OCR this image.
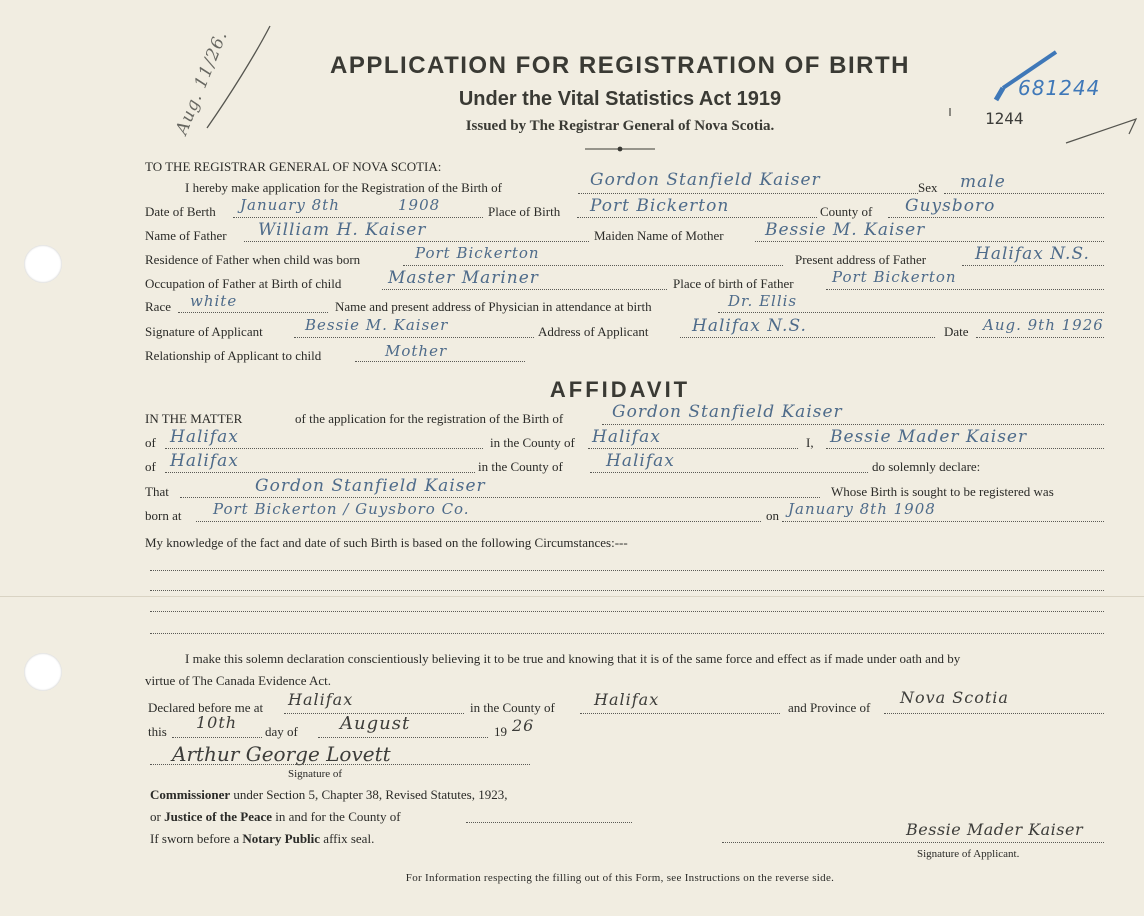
Aug. 11/26.	681244
1244
APPLICATION FOR REGISTRATION OF BIRTH
Under the Vital Statistics Act 1919
Issued by The Registrar General of Nova Scotia.
TO THE REGISTRAR GENERAL OF NOVA SCOTIA:
I hereby make application for the Registration of the Birth of	Gordon Stanfield Kaiser	Sex male
Date of Berth January 8th	1908	Place of Birth Port Bickerton	County of Guysboro
Name of Father William H. Kaiser	Maiden Name of Mother Bessie M. Kaiser
Residence of Father when child was born	Port Bickerton	Present address of Father	Halifax N.S.
Occupation of Father at Birth of child	Master Mariner	Place of birth of Father	Port Bickerton
Race white	Name and present address of Physician in attendance at birth	Dr. Ellis
Signature of Applicant	Bessie M. Kaiser	Address of Applicant	Halifax N.S.	Date Aug. 9th 1926
Relationship of Applicant to child	Mother
AFFIDAVIT
IN THE MATTER	of the application for the registration of the Birth of	Gordon Stanfield Kaiser
of Halifax	in the County of Halifax	I, Bessie Mader Kaiser
of Halifax	in the County of	Halifax	do solemnly declare:
That	Gordon Stanfield Kaiser	Whose Birth is sought to be registered was
born at Port Bickerton / Guysboro Co.	on January 8th 1908
My knowledge of the fact and date of such Birth is based on the following Circumstances:---
I make this solemn declaration conscientiously believing it to be true and knowing that it is of the same force and effect as if made under oath and by
virtue of The Canada Evidence Act.
Declared before me at Halifax	in the County of Halifax	and Province of
Nova Scotia
this 10th day of August	19 26
Arthur George Lovett
Signature of
Commissioner under Section 5, Chapter 38, Revised Statutes, 1923,
or Justice of the Peace in and for the County of
If sworn before a Notary Public affix seal.	Bessie Mader Kaiser
Signature of Applicant.
For Information respecting the filling out of this Form, see Instructions on the reverse side.
